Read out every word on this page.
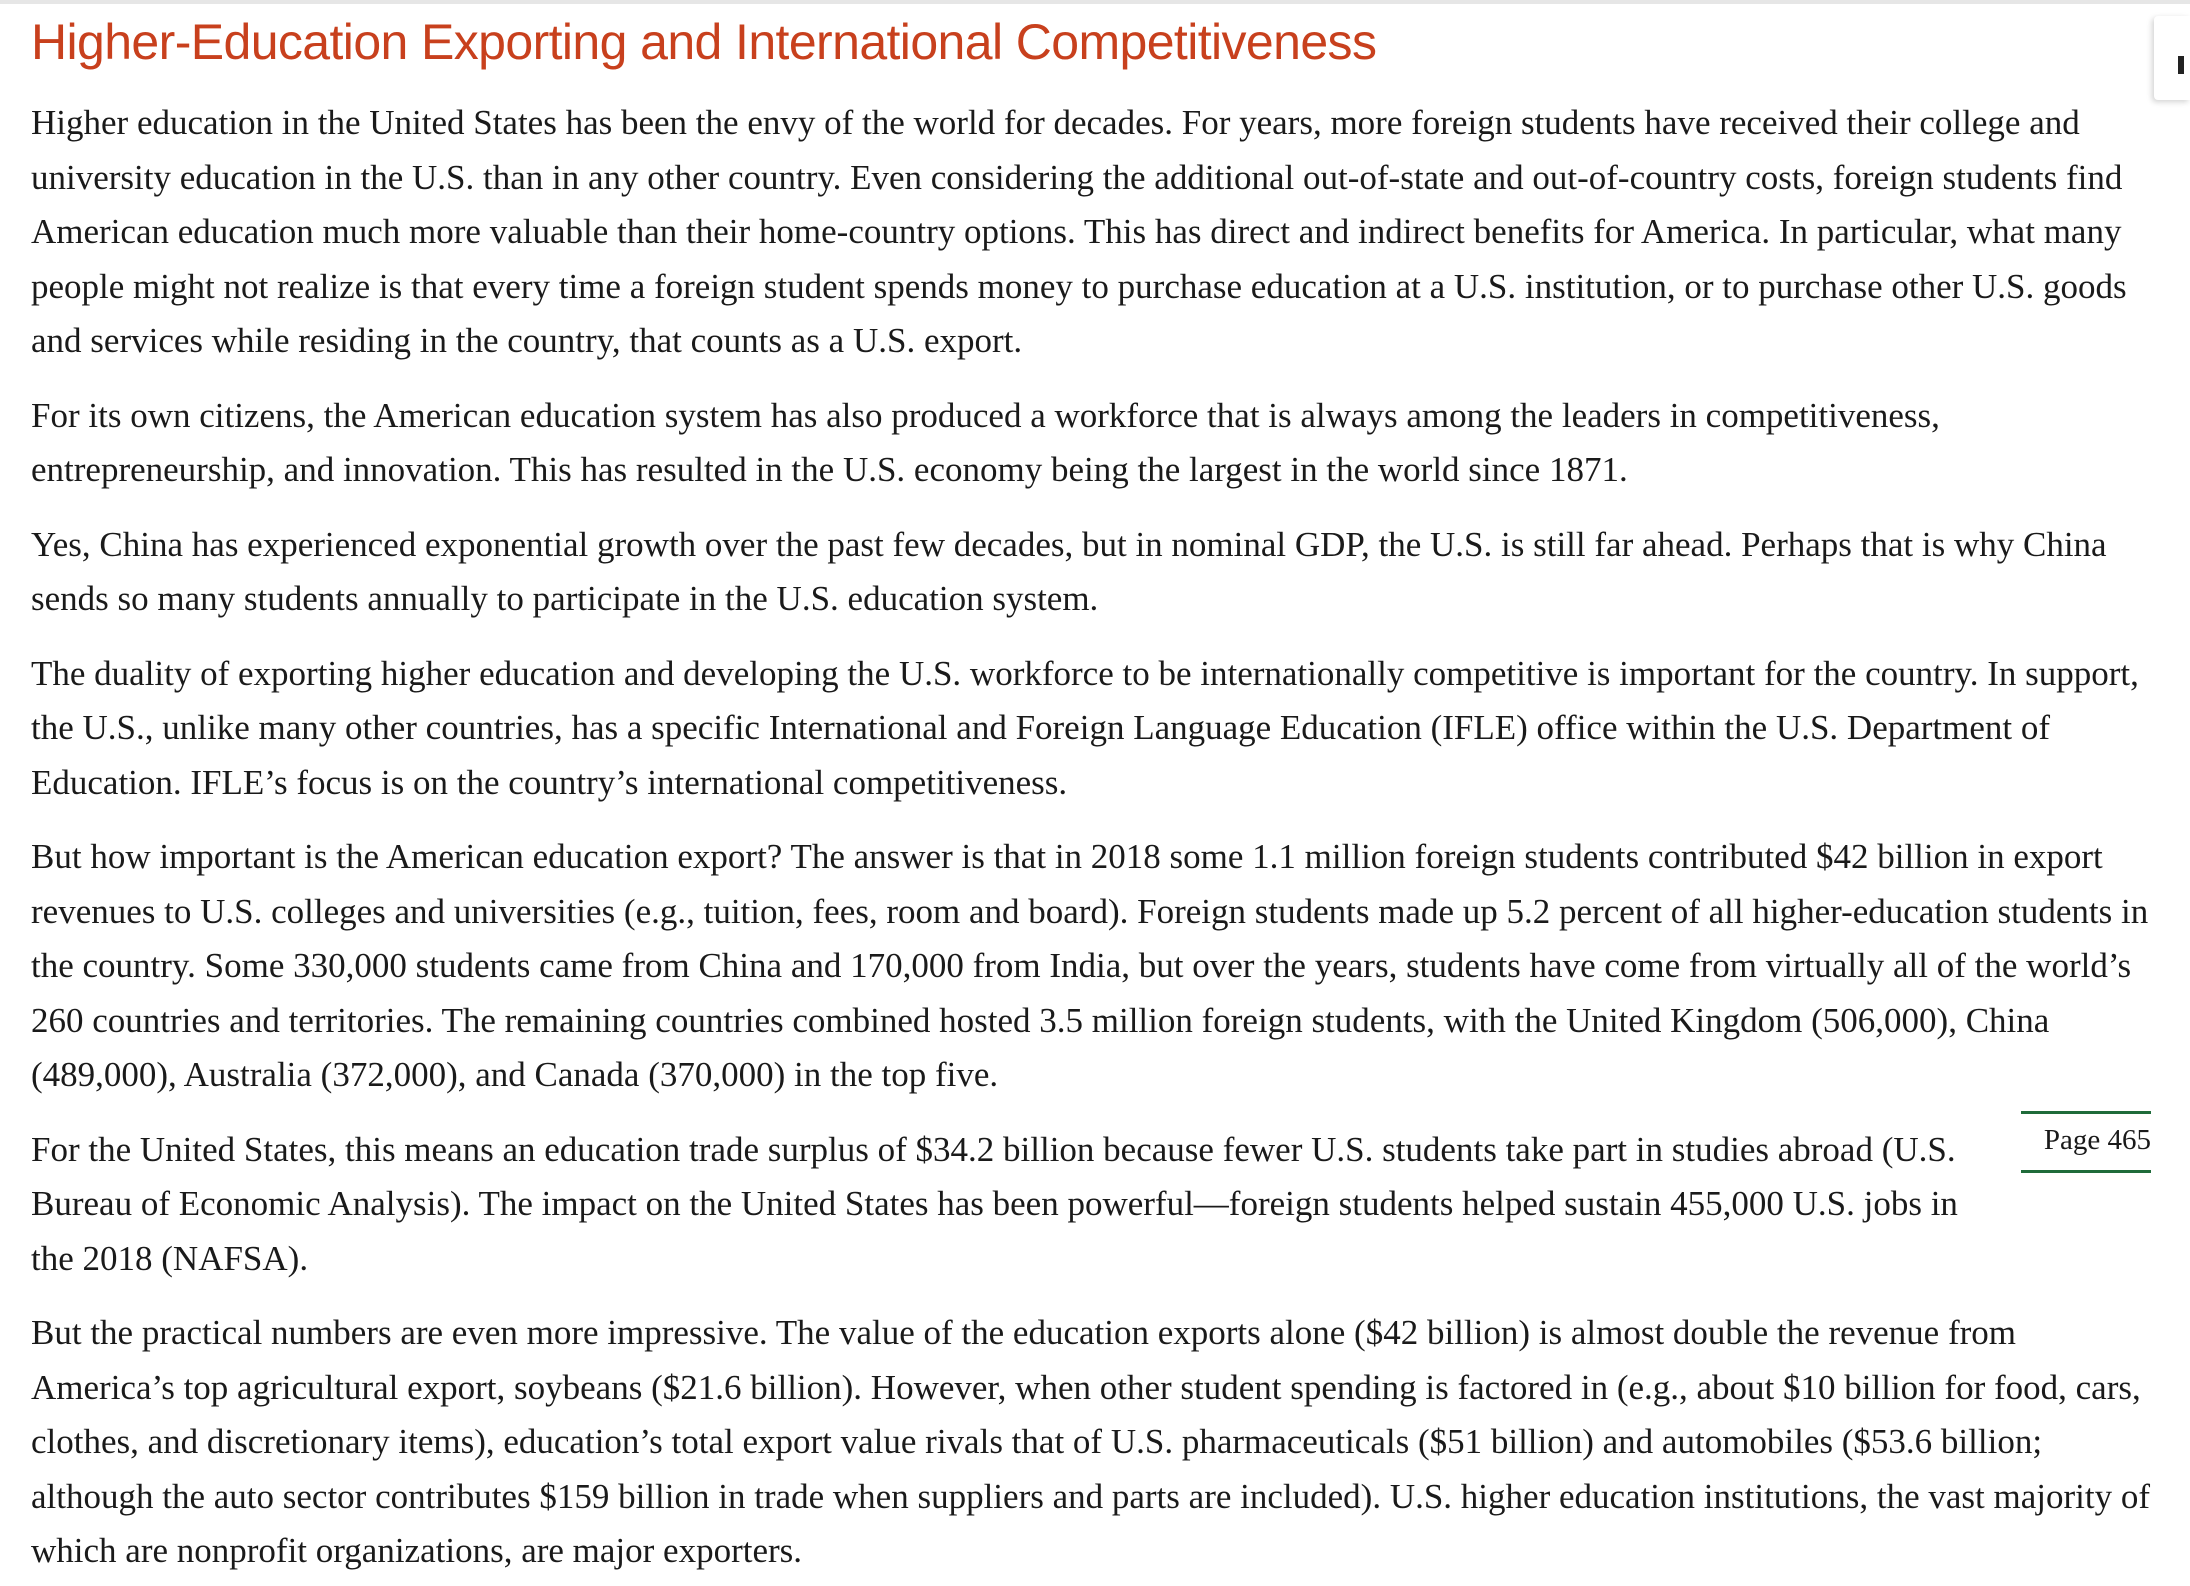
Higher-Education Exporting and International Competitiveness

Higher education in the United States has been the envy of the world for decades. For years, more foreign students have received their college and university education in the U.S. than in any other country. Even considering the additional out-of-state and out-of-country costs, foreign students find American education much more valuable than their home-country options. This has direct and indirect benefits for America. In particular, what many people might not realize is that every time a foreign student spends money to purchase education at a U.S. institution, or to purchase other U.S. goods and services while residing in the country, that counts as a U.S. export.

For its own citizens, the American education system has also produced a workforce that is always among the leaders in competitiveness, entrepreneurship, and innovation. This has resulted in the U.S. economy being the largest in the world since 1871.

Yes, China has experienced exponential growth over the past few decades, but in nominal GDP, the U.S. is still far ahead. Perhaps that is why China sends so many students annually to participate in the U.S. education system.

The duality of exporting higher education and developing the U.S. workforce to be internationally competitive is important for the country. In support, the U.S., unlike many other countries, has a specific International and Foreign Language Education (IFLE) office within the U.S. Department of Education. IFLE’s focus is on the country’s international competitiveness.

But how important is the American education export? The answer is that in 2018 some 1.1 million foreign students contributed $42 billion in export revenues to U.S. colleges and universities (e.g., tuition, fees, room and board). Foreign students made up 5.2 percent of all higher-education students in the country. Some 330,000 students came from China and 170,000 from India, but over the years, students have come from virtually all of the world’s 260 countries and territories. The remaining countries combined hosted 3.5 million foreign students, with the United Kingdom (506,000), China (489,000), Australia (372,000), and Canada (370,000) in the top five.

Page 465

For the United States, this means an education trade surplus of $34.2 billion because fewer U.S. students take part in studies abroad (U.S. Bureau of Economic Analysis). The impact on the United States has been powerful—foreign students helped sustain 455,000 U.S. jobs in the 2018 (NAFSA).

But the practical numbers are even more impressive. The value of the education exports alone ($42 billion) is almost double the revenue from America’s top agricultural export, soybeans ($21.6 billion). However, when other student spending is factored in (e.g., about $10 billion for food, cars, clothes, and discretionary items), education’s total export value rivals that of U.S. pharmaceuticals ($51 billion) and automobiles ($53.6 billion; although the auto sector contributes $159 billion in trade when suppliers and parts are included). U.S. higher education institutions, the vast majority of which are nonprofit organizations, are major exporters.
